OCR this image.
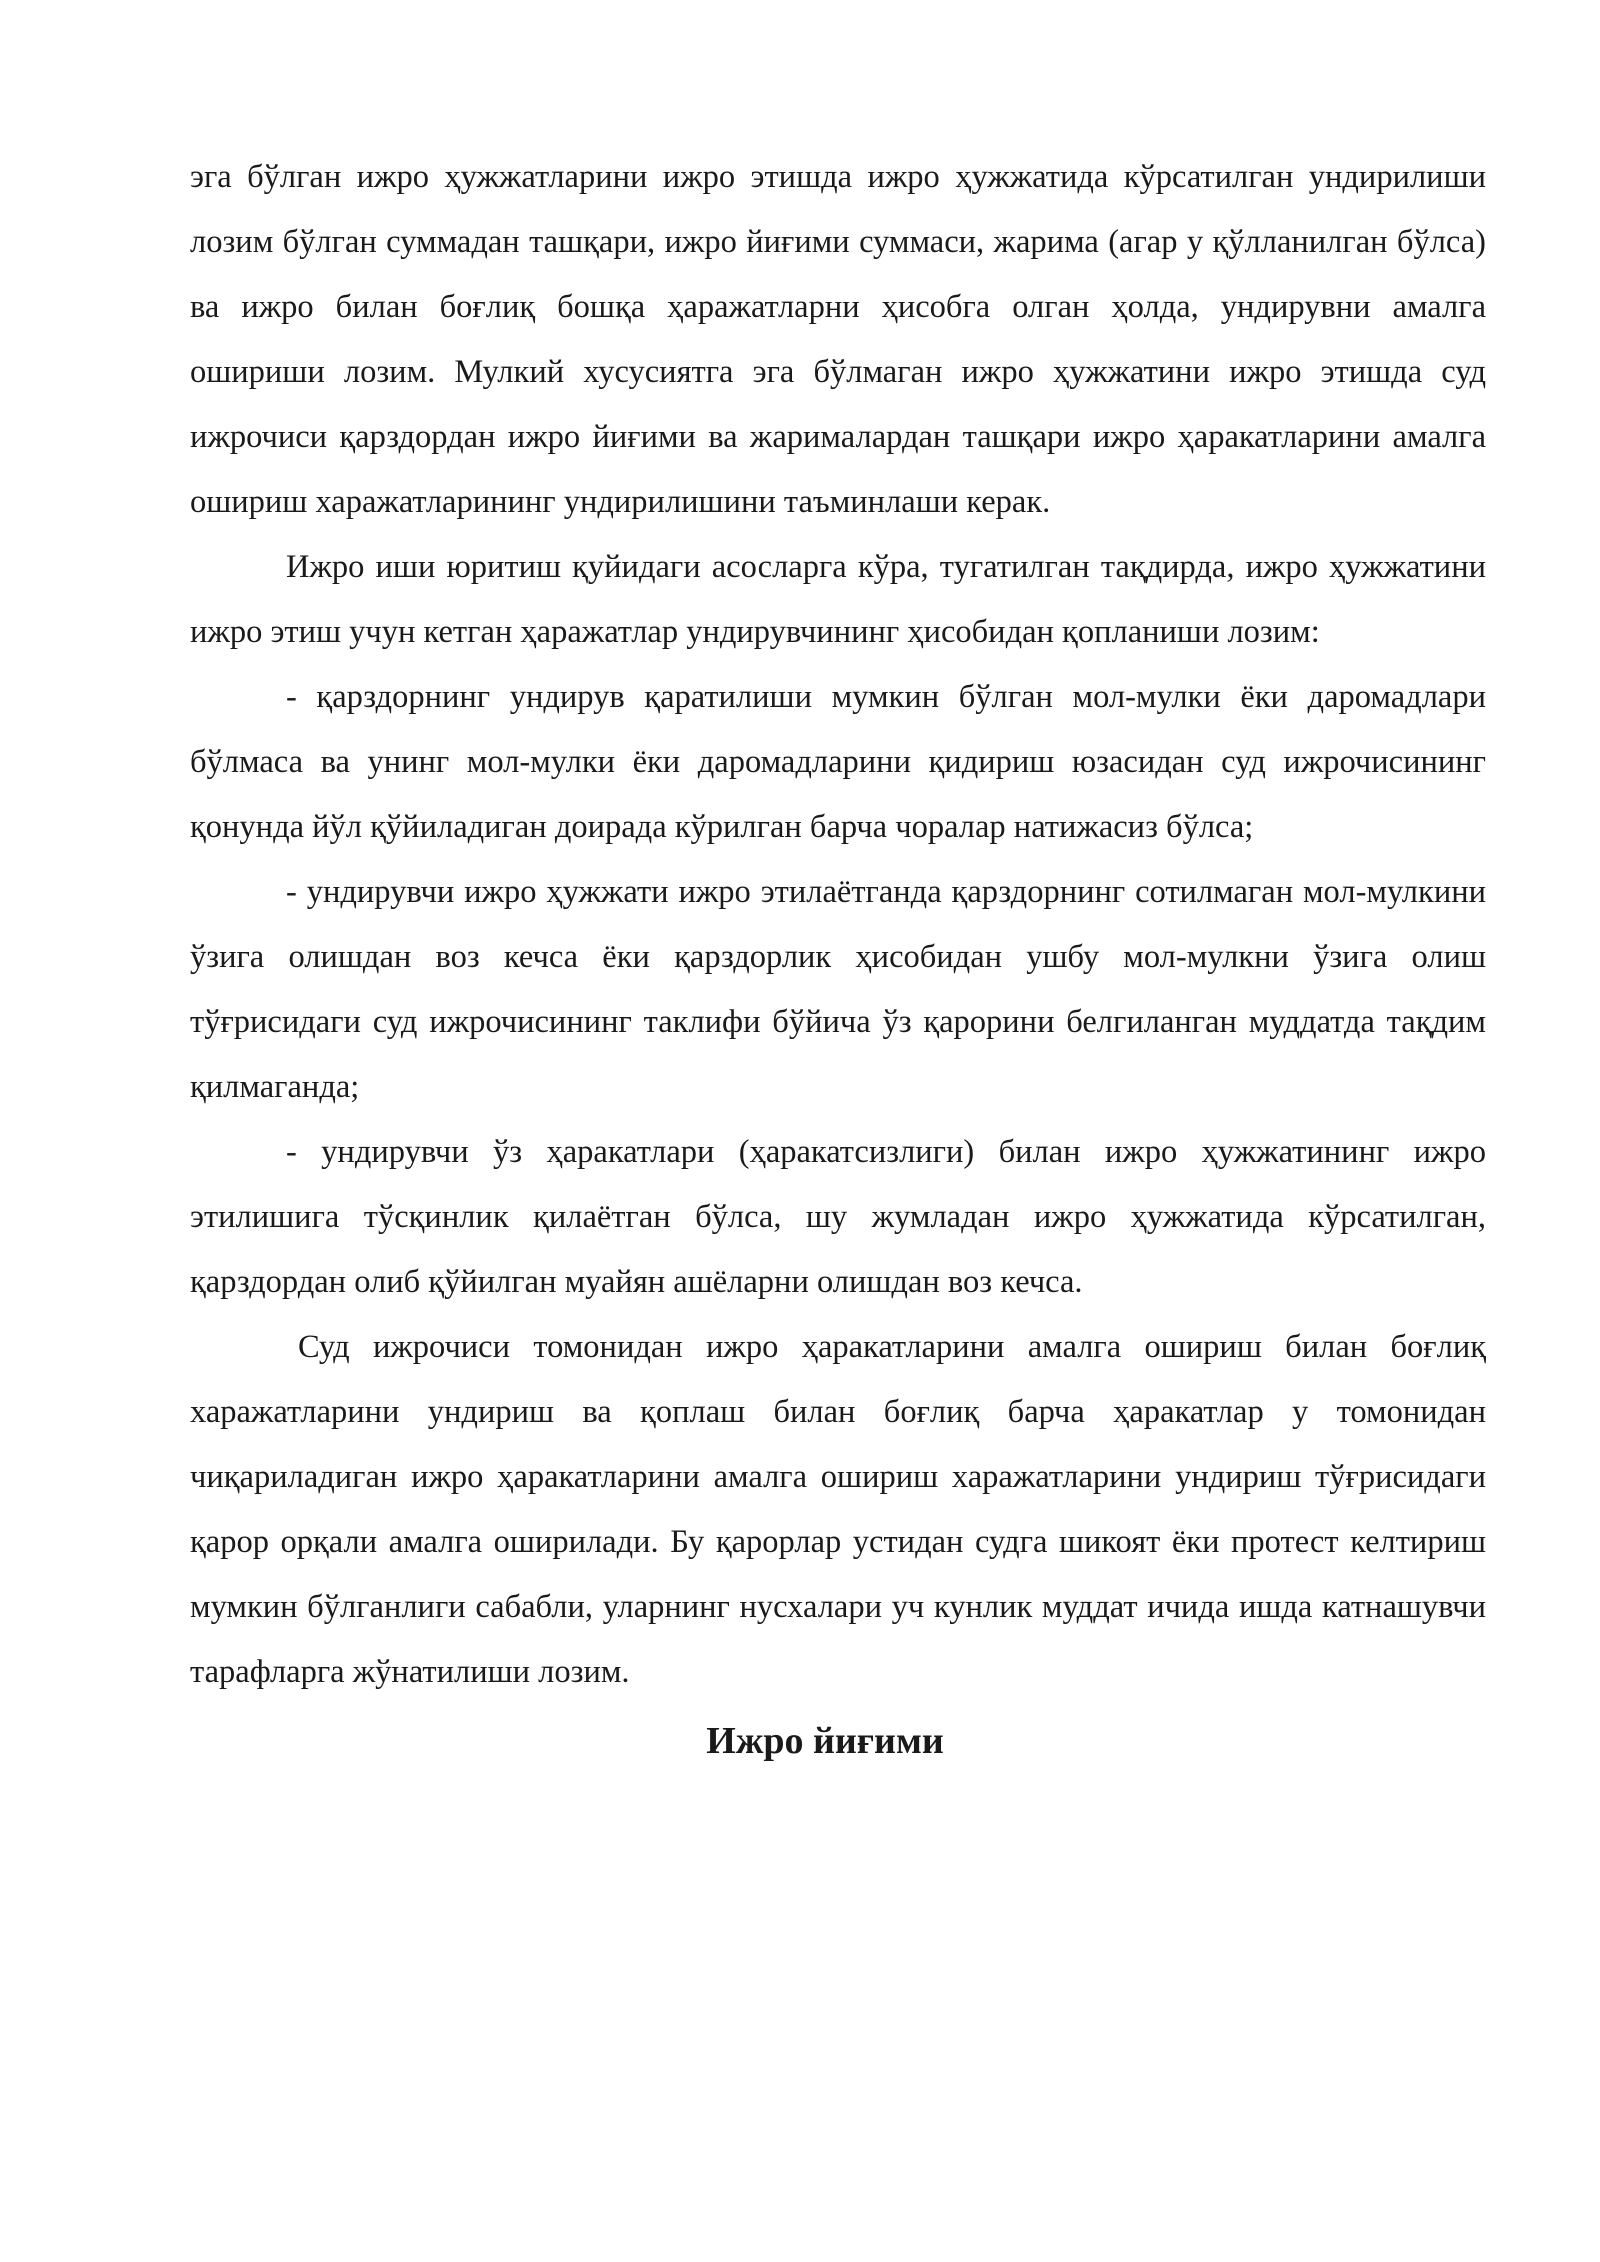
эга бўлган ижро ҳужжатларини ижро этишда ижро ҳужжатида кўрсатилган ундирилиши лозим бўлган суммадан ташқари, ижро йиғими суммаси, жарима (агар у қўлланилган бўлса) ва ижро билан боғлиқ бошқа ҳаражатларни ҳисобга олган ҳолда, ундирувни амалга ошириши лозим. Мулкий хусусиятга эга бўлмаган ижро ҳужжатини ижро этишда суд ижрочиси қарздордан ижро йиғими ва жарималардан ташқари ижро ҳаракатларини амалга ошириш харажатларининг ундирилишини таъминлаши керак.

Ижро иши юритиш қуйидаги асосларга кўра, тугатилган тақдирда, ижро ҳужжатини ижро этиш учун кетган ҳаражатлар ундирувчининг ҳисобидан қопланиши лозим:

- қарздорнинг ундирув қаратилиши мумкин бўлган мол-мулки ёки даромадлари бўлмаса ва унинг мол-мулки ёки даромадларини қидириш юзасидан суд ижрочисининг қонунда йўл қўйиладиган доирада кўрилган барча чоралар натижасиз бўлса;

- ундирувчи ижро ҳужжати ижро этилаётганда қарздорнинг сотилмаган мол-мулкини ўзига олишдан воз кечса ёки қарздорлик ҳисобидан ушбу мол-мулкни ўзига олиш тўғрисидаги суд ижрочисининг таклифи бўйича ўз қарорини белгиланган муддатда тақдим қилмаганда;

- ундирувчи ўз ҳаракатлари (ҳаракатсизлиги) билан ижро ҳужжатининг ижро этилишига тўсқинлик қилаётган бўлса, шу жумладан ижро ҳужжатида кўрсатилган, қарздордан олиб қўйилган муайян ашёларни олишдан воз кечса.

Суд ижрочиси томонидан ижро ҳаракатларини амалга ошириш билан боғлиқ харажатларини ундириш ва қоплаш билан боғлиқ барча ҳаракатлар у томонидан чиқариладиган ижро ҳаракатларини амалга ошириш харажатларини ундириш тўғрисидаги қарор орқали амалга оширилади. Бу қарорлар устидан судга шикоят ёки протест келтириш мумкин бўлганлиги сабабли, уларнинг нусхалари уч кунлик муддат ичида ишда катнашувчи тарафларга жўнатилиши лозим.

Ижро йиғими
